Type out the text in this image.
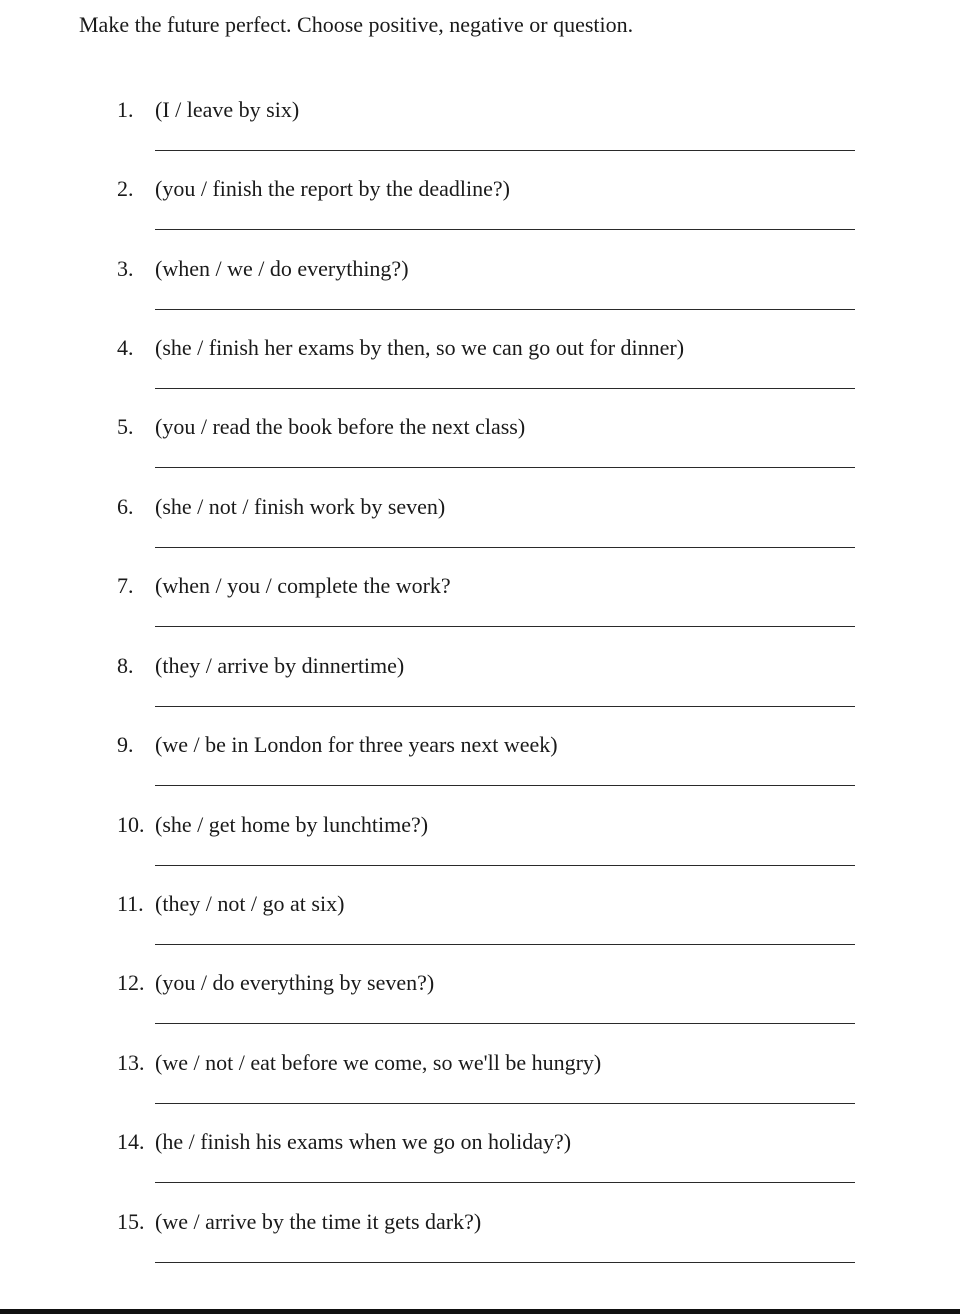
Make the future perfect. Choose positive, negative or question.
1. (I / leave by six)
2. (you / finish the report by the deadline?)
3. (when / we / do everything?)
4. (she / finish her exams by then, so we can go out for dinner)
5. (you / read the book before the next class)
6. (she / not / finish work by seven)
7. (when / you / complete the work?
8. (they / arrive by dinnertime)
9. (we / be in London for three years next week)
10. (she / get home by lunchtime?)
11. (they / not / go at six)
12. (you / do everything by seven?)
13. (we / not / eat before we come, so we'll be hungry)
14. (he / finish his exams when we go on holiday?)
15. (we / arrive by the time it gets dark?)
